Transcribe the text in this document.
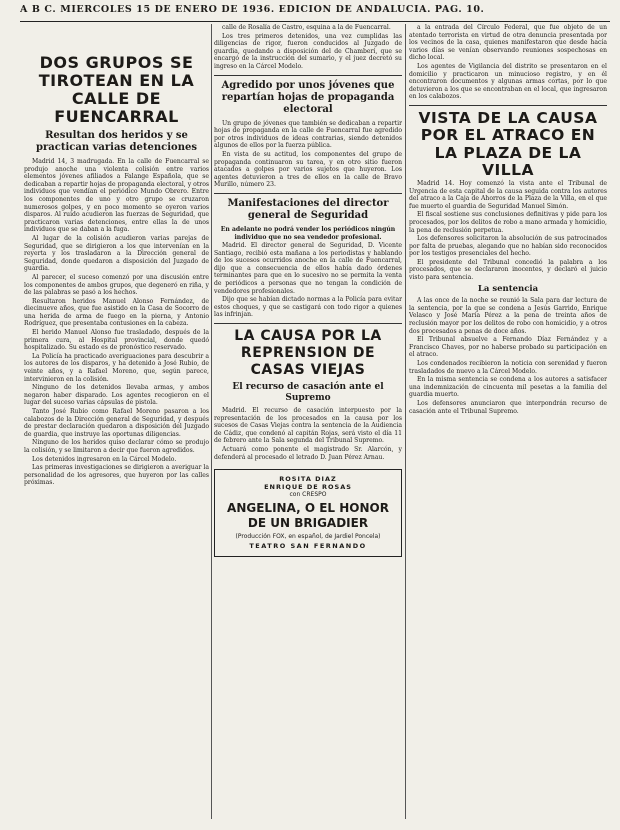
A B C. MIERCOLES 15 DE ENERO DE 1936. EDICION DE ANDALUCIA. PAG. 10.
DOS GRUPOS SE TIROTEAN EN LA CALLE DE FUENCARRAL
Resultan dos heridos y se practican varias detenciones

Madrid 14, 3 madrugada. En la calle de Fuencarral se produjo anoche una violenta colisión entre varios elementos jóvenes afiliados a Falange Española, que se dedicaban a repartir hojas de propaganda electoral, y otros individuos que vendían el periódico Mundo Obrero. Entre los componentes de uno y otro grupo se cruzaron numerosos golpes, y en poco momento se oyeron varios disparos. Al ruido acudieron las fuerzas de Seguridad, que practicaron varias detenciones, entre ellas la de unos individuos que se daban a la fuga.

Al lugar de la colisión acudieron varias parejas de Seguridad, que se dirigieron a los que intervenían en la reyerta y los trasladaron a la Dirección general de Seguridad, donde quedaron a disposición del Juzgado de guardia.

Al parecer, el suceso comenzó por una discusión entre los componentes de ambos grupos, que degeneró en riña, y de las palabras se pasó a los hechos.

Resultaron heridos Manuel Alonso Fernández, de diecinueve años, que fue asistido en la Casa de Socorro de una herida de arma de fuego en la pierna, y Antonio Rodríguez, que presentaba contusiones en la cabeza.

El herido Manuel Alonso fue trasladado, después de la primera cura, al Hospital provincial, donde quedó hospitalizado. Su estado es de pronóstico reservado.

La Policía ha practicado averiguaciones para descubrir a los autores de los disparos, y ha detenido a José Rubio, de veinte años, y a Rafael Moreno, que, según parece, intervinieron en la colisión.

Ninguno de los detenidos llevaba armas, y ambos negaron haber disparado. Los agentes recogieron en el lugar del suceso varias cápsulas de pistola.

Tanto José Rubio como Rafael Moreno pasaron a los calabozos de la Dirección general de Seguridad, y después de prestar declaración quedaron a disposición del Juzgado de guardia, que instruye las oportunas diligencias.

Ninguno de los heridos quiso declarar cómo se produjo la colisión, y se limitaron a decir que fueron agredidos.

Los detenidos ingresaron en la Cárcel Modelo.

Las primeras investigaciones se dirigieron a averiguar la personalidad de los agresores, que huyeron por las calles próximas.

calle de Rosalía de Castro, esquina a la de Fuencarral.

Los tres primeros detenidos, una vez cumplidas las diligencias de rigor, fueron conducidos al Juzgado de guardia, quedando a disposición del de Chamberí, que se encargó de la instrucción del sumario, y el juez decretó su ingreso en la Cárcel Modelo.

Agredido por unos jóvenes que repartían hojas de propaganda electoral

Un grupo de jóvenes que también se dedicaban a repartir hojas de propaganda en la calle de Fuencarral fue agredido por otros individuos de ideas contrarias, siendo detenidos algunos de ellos por la fuerza pública.

En vista de su actitud, los componentes del grupo de propaganda continuaron su tarea, y en otro sitio fueron atacados a golpes por varios sujetos que huyeron. Los agentes detuvieron a tres de ellos en la calle de Bravo Murillo, número 23.

Manifestaciones del director general de Seguridad

En adelante no podrá vender los periódicos ningún individuo que no sea vendedor profesional.

Madrid. El director general de Seguridad, D. Vicente Santiago, recibió esta mañana a los periodistas y hablando de los sucesos ocurridos anoche en la calle de Fuencarral, dijo que a consecuencia de ellos había dado órdenes terminantes para que en lo sucesivo no se permita la venta de periódicos a personas que no tengan la condición de vendedores profesionales.

Dijo que se habían dictado normas a la Policía para evitar estos choques, y que se castigará con todo rigor a quienes las infrinjan.

LA CAUSA POR LA REPRENSION DE CASAS VIEJAS
El recurso de casación ante el Supremo

Madrid. El recurso de casación interpuesto por la representación de los procesados en la causa por los sucesos de Casas Viejas contra la sentencia de la Audiencia de Cádiz, que condenó al capitán Rojas, será visto el día 11 de febrero ante la Sala segunda del Tribunal Supremo.

Actuará como ponente el magistrado Sr. Alarcón, y defenderá al procesado el letrado D. Juan Pérez Arnau.

ROSITA DIAZ
ENRIQUE DE ROSAS
con CRESPO
ANGELINA, O EL HONOR DE UN BRIGADIER
(Producción FOX, en español, de Jardiel Poncela)
TEATRO SAN FERNANDO

a la entrada del Círculo Federal, que fue objeto de un atentado terrorista en virtud de otra denuncia presentada por los vecinos de la casa, quienes manifestaron que desde hacía varios días se venían observando reuniones sospechosas en dicho local.

Los agentes de Vigilancia del distrito se presentaron en el domicilio y practicaron un minucioso registro, y en él encontraron documentos y algunas armas cortas, por lo que detuvieron a los que se encontraban en el local, que ingresaron en los calabozos.

VISTA DE LA CAUSA POR EL ATRACO EN LA PLAZA DE LA VILLA

Madrid 14. Hoy comenzó la vista ante el Tribunal de Urgencia de esta capital de la causa seguida contra los autores del atraco a la Caja de Ahorros de la Plaza de la Villa, en el que fue muerto el guardia de Seguridad Manuel Simón.

El fiscal sostiene sus conclusiones definitivas y pide para los procesados, por los delitos de robo a mano armada y homicidio, la pena de reclusión perpetua.

Los defensores solicitaron la absolución de sus patrocinados por falta de pruebas, alegando que no habían sido reconocidos por los testigos presenciales del hecho.

El presidente del Tribunal concedió la palabra a los procesados, que se declararon inocentes, y declaró el juicio visto para sentencia.

La sentencia

A las once de la noche se reunió la Sala para dar lectura de la sentencia, por la que se condena a Jesús Garrido, Enrique Velasco y José María Pérez a la pena de treinta años de reclusión mayor por los delitos de robo con homicidio, y a otros dos procesados a penas de doce años.

El Tribunal absuelve a Fernando Díaz Fernández y a Francisco Chaves, por no haberse probado su participación en el atraco.

Los condenados recibieron la noticia con serenidad y fueron trasladados de nuevo a la Cárcel Modelo.

En la misma sentencia se condena a los autores a satisfacer una indemnización de cincuenta mil pesetas a la familia del guardia muerto.

Los defensores anunciaron que interpondrán recurso de casación ante el Tribunal Supremo.
